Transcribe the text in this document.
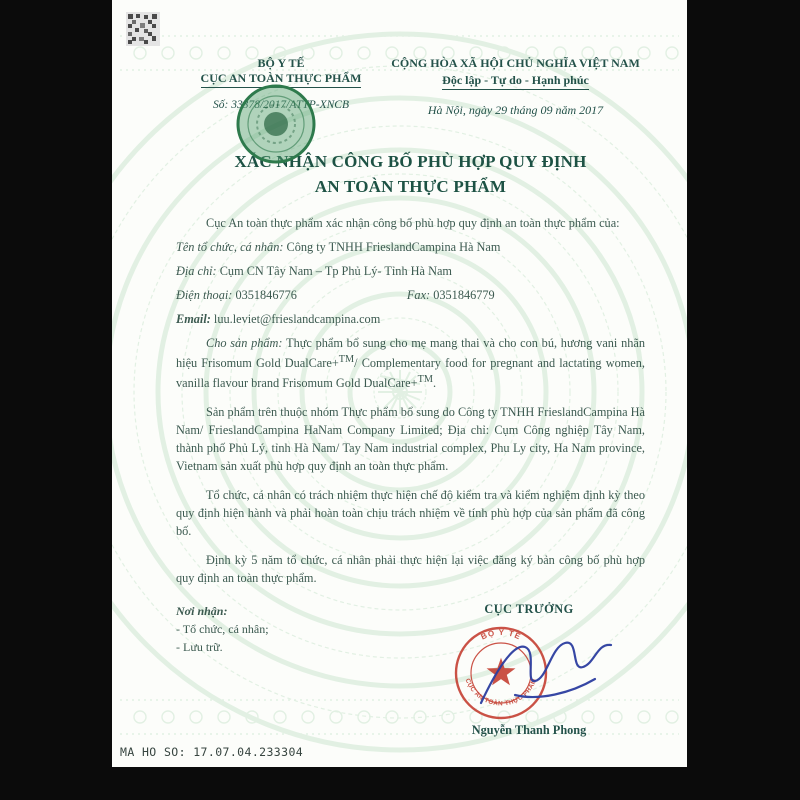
BỘ Y TẾ
CỤC AN TOÀN THỰC PHẨM
Số: 33378/2017/ATTP-XNCB
CỘNG HÒA XÃ HỘI CHỦ NGHĨA VIỆT NAM
Độc lập - Tự do - Hạnh phúc
Hà Nội, ngày 29 tháng 09 năm 2017
XÁC NHẬN CÔNG BỐ PHÙ HỢP QUY ĐỊNH
AN TOÀN THỰC PHẨM

Cục An toàn thực phẩm xác nhận công bố phù hợp quy định an toàn thực phẩm của:

Tên tổ chức, cá nhân: Công ty TNHH FrieslandCampina Hà Nam

Địa chỉ: Cụm CN Tây Nam – Tp Phủ Lý- Tỉnh Hà Nam

Điện thoại: 0351846776	Fax: 0351846779

Email: luu.leviet@frieslandcampina.com

Cho sản phẩm: Thực phẩm bổ sung cho mẹ mang thai và cho con bú, hương vani nhãn hiệu Frisomum Gold DualCare+™/ Complementary food for pregnant and lactating women, vanilla flavour brand Frisomum Gold DualCare+™.

Sản phẩm trên thuộc nhóm Thực phẩm bổ sung do Công ty TNHH FrieslandCampina Hà Nam/ FrieslandCampina HaNam Company Limited; Địa chỉ: Cụm Công nghiệp Tây Nam, thành phố Phủ Lý, tỉnh Hà Nam/ Tay Nam industrial complex, Phu Ly city, Ha Nam province, Vietnam sản xuất phù hợp quy định an toàn thực phẩm.

Tổ chức, cá nhân có trách nhiệm thực hiện chế độ kiểm tra và kiểm nghiệm định kỳ theo quy định hiện hành và phải hoàn toàn chịu trách nhiệm về tính phù hợp của sản phẩm đã công bố.

Định kỳ 5 năm tổ chức, cá nhân phải thực hiện lại việc đăng ký bản công bố phù hợp quy định an toàn thực phẩm.

Nơi nhận:
- Tổ chức, cá nhân;
- Lưu trữ.
CỤC TRƯỞNG
BỘ Y TẾ
CỤC AN TOÀN THỰC PHẨM
Nguyễn Thanh Phong
MA HO SO: 17.07.04.233304
